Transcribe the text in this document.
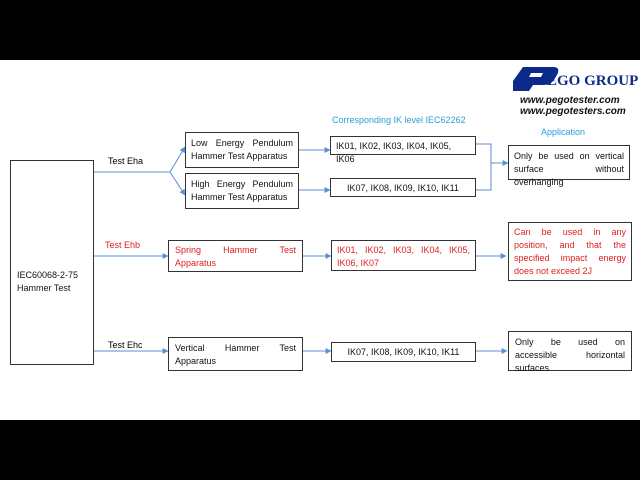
EGO GROUP
www.pegotester.com
www.pegotesters.com
Corresponding IK level IEC62262
Application
IEC60068-2-75 Hammer Test
Test Eha
Test Ehb
Test Ehc
Low Energy Pendulum Hammer Test Apparatus
High Energy Pendulum Hammer Test Apparatus
Spring Hammer Test Apparatus
Vertical Hammer Test Apparatus
IK01, IK02, IK03, IK04, IK05, IK06
IK07, IK08, IK09, IK10, IK11
IK01, IK02, IK03, IK04, IK05, IK06, IK07
IK07, IK08, IK09, IK10, IK11
Only be used on vertical surface without overhanging
Can be used in any position, and that the specified impact energy does not exceed 2J
Only be used on accessible horizontal surfaces
